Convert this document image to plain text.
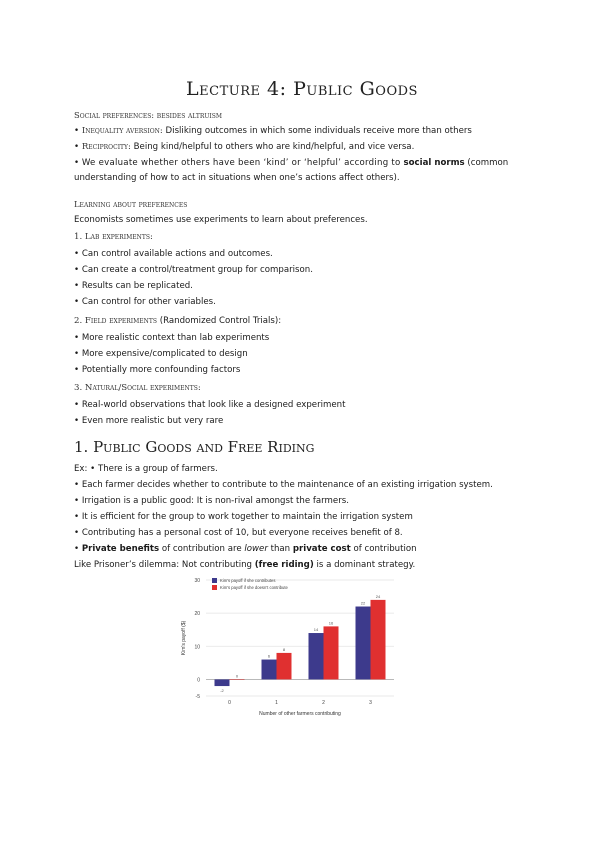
Lecture 4: Public Goods
Social preferences: besides altruism
• Inequality aversion: Disliking outcomes in which some individuals receive more than others
• Reciprocity: Being kind/helpful to others who are kind/helpful, and vice versa.
• We evaluate whether others have been ‘kind’ or ‘helpful’ according to social norms (common
understanding of how to act in situations when one’s actions affect others).
Learning about preferences
Economists sometimes use experiments to learn about preferences.
1. Lab experiments:
• Can control available actions and outcomes.
• Can create a control/treatment group for comparison.
• Results can be replicated.
• Can control for other variables.
2. Field experiments (Randomized Control Trials):
• More realistic context than lab experiments
• More expensive/complicated to design
• Potentially more confounding factors
3. Natural/Social experiments:
• Real-world observations that look like a designed experiment
• Even more realistic but very rare
1. Public Goods and Free Riding
Ex: • There is a group of farmers.
• Each farmer decides whether to contribute to the maintenance of an existing irrigation system.
• Irrigation is a public good: It is non-rival amongst the farmers.
• It is efficient for the group to work together to maintain the irrigation system
• Contributing has a personal cost of 10, but everyone receives benefit of 8.
• Private benefits of contribution are lower than private cost of contribution
Like Prisoner’s dilemma: Not contributing (free riding) is a dominant strategy.
-5
0
10
20
30
-2
0
0
6
8
1
14
16
2
22
24
3
Number of other farmers contributing
Kim's payoff ($)
Kim's payoff if she contributes
Kim's payoff if she doesn't contribute
